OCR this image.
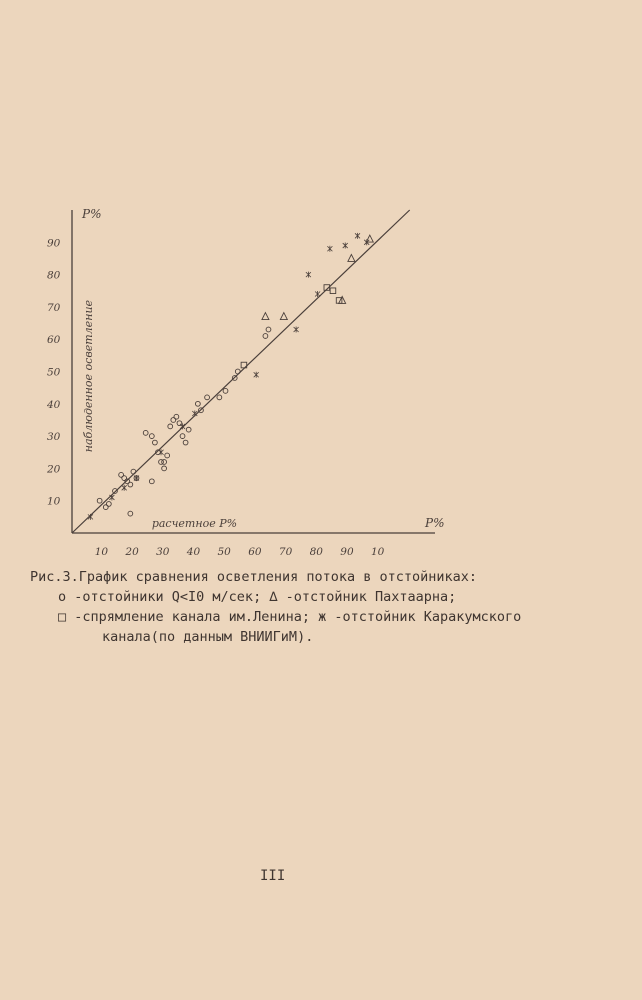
P%
P%
расчетное P%
наблюденное осветление
10 20 30 40 50 60 70 80 90 10
10
20
30
40
50
60
70
80
90
Рис.3.График сравнения осветления потока в отстойниках:
о -отстойники Q<I0 м/сек; ∆ -отстойник Пахтаарна;
□ -спрямление канала им.Ленина; ж -отстойник Каракумского
канала(по данным ВНИИГиМ).
III
